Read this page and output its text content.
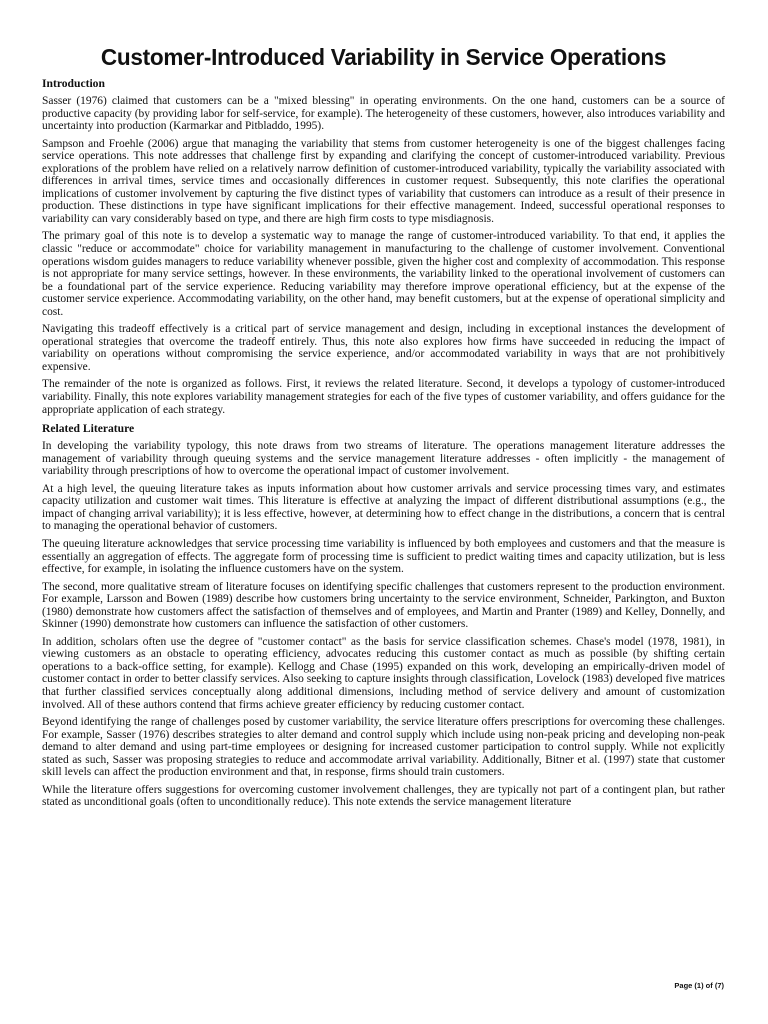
Customer-Introduced Variability in Service Operations
Introduction

Sasser (1976) claimed that customers can be a "mixed blessing" in operating environments. On the one hand, customers can be a source of productive capacity (by providing labor for self-service, for example). The heterogeneity of these customers, however, also introduces variability and uncertainty into production (Karmarkar and Pitbladdo, 1995).

Sampson and Froehle (2006) argue that managing the variability that stems from customer heterogeneity is one of the biggest challenges facing service operations. This note addresses that challenge first by expanding and clarifying the concept of customer-introduced variability. Previous explorations of the problem have relied on a relatively narrow definition of customer-introduced variability, typically the variability associated with differences in arrival times, service times and occasionally differences in customer request. Subsequently, this note clarifies the operational implications of customer involvement by capturing the five distinct types of variability that customers can introduce as a result of their presence in production. These distinctions in type have significant implications for their effective management. Indeed, successful operational responses to variability can vary considerably based on type, and there are high firm costs to type misdiagnosis.

The primary goal of this note is to develop a systematic way to manage the range of customer-introduced variability. To that end, it applies the classic "reduce or accommodate" choice for variability management in manufacturing to the challenge of customer involvement. Conventional operations wisdom guides managers to reduce variability whenever possible, given the higher cost and complexity of accommodation. This response is not appropriate for many service settings, however. In these environments, the variability linked to the operational involvement of customers can be a foundational part of the service experience. Reducing variability may therefore improve operational efficiency, but at the expense of the customer service experience. Accommodating variability, on the other hand, may benefit customers, but at the expense of operational simplicity and cost.

Navigating this tradeoff effectively is a critical part of service management and design, including in exceptional instances the development of operational strategies that overcome the tradeoff entirely. Thus, this note also explores how firms have succeeded in reducing the impact of variability on operations without compromising the service experience, and/or accommodated variability in ways that are not prohibitively expensive.

The remainder of the note is organized as follows. First, it reviews the related literature. Second, it develops a typology of customer-introduced variability. Finally, this note explores variability management strategies for each of the five types of customer variability, and offers guidance for the appropriate application of each strategy.

Related Literature

In developing the variability typology, this note draws from two streams of literature. The operations management literature addresses the management of variability through queuing systems and the service management literature addresses - often implicitly - the management of variability through prescriptions of how to overcome the operational impact of customer involvement.

At a high level, the queuing literature takes as inputs information about how customer arrivals and service processing times vary, and estimates capacity utilization and customer wait times. This literature is effective at analyzing the impact of different distributional assumptions (e.g., the impact of changing arrival variability); it is less effective, however, at determining how to effect change in the distributions, a concern that is central to managing the operational behavior of customers.

The queuing literature acknowledges that service processing time variability is influenced by both employees and customers and that the measure is essentially an aggregation of effects. The aggregate form of processing time is sufficient to predict waiting times and capacity utilization, but is less effective, for example, in isolating the influence customers have on the system.

The second, more qualitative stream of literature focuses on identifying specific challenges that customers represent to the production environment. For example, Larsson and Bowen (1989) describe how customers bring uncertainty to the service environment, Schneider, Parkington, and Buxton (1980) demonstrate how customers affect the satisfaction of themselves and of employees, and Martin and Pranter (1989) and Kelley, Donnelly, and Skinner (1990) demonstrate how customers can influence the satisfaction of other customers.

In addition, scholars often use the degree of "customer contact" as the basis for service classification schemes. Chase's model (1978, 1981), in viewing customers as an obstacle to operating efficiency, advocates reducing this customer contact as much as possible (by shifting certain operations to a back-office setting, for example). Kellogg and Chase (1995) expanded on this work, developing an empirically-driven model of customer contact in order to better classify services. Also seeking to capture insights through classification, Lovelock (1983) developed five matrices that further classified services conceptually along additional dimensions, including method of service delivery and amount of customization involved. All of these authors contend that firms achieve greater efficiency by reducing customer contact.

Beyond identifying the range of challenges posed by customer variability, the service literature offers prescriptions for overcoming these challenges. For example, Sasser (1976) describes strategies to alter demand and control supply which include using non-peak pricing and developing non-peak demand to alter demand and using part-time employees or designing for increased customer participation to control supply. While not explicitly stated as such, Sasser was proposing strategies to reduce and accommodate arrival variability. Additionally, Bitner et al. (1997) state that customer skill levels can affect the production environment and that, in response, firms should train customers.

While the literature offers suggestions for overcoming customer involvement challenges, they are typically not part of a contingent plan, but rather stated as unconditional goals (often to unconditionally reduce). This note extends the service management literature

Page (1) of (7)
